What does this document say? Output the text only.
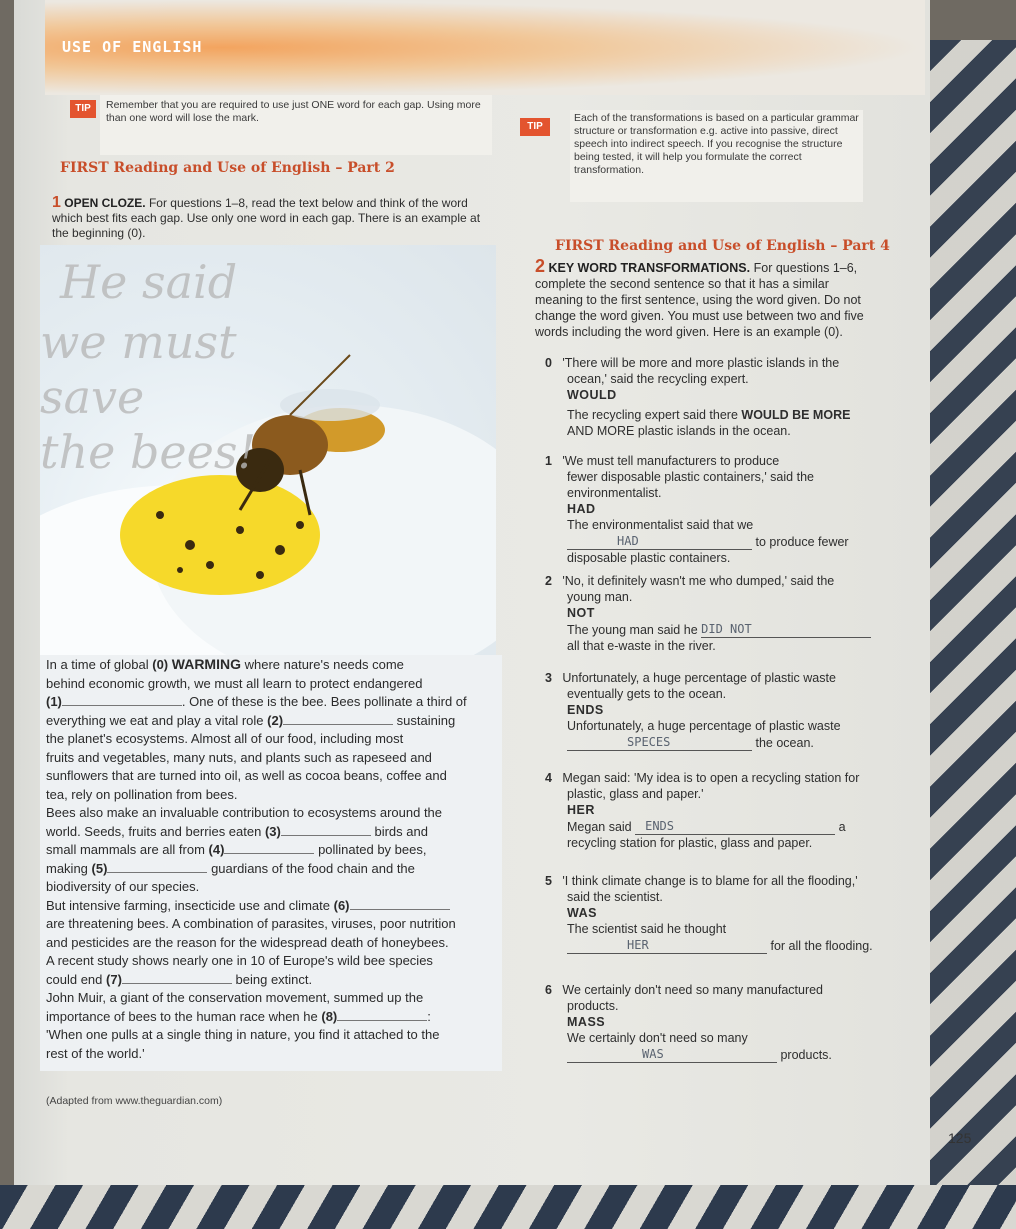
USE OF ENGLISH
TIP	Remember that you are required to use just ONE word for each gap. Using more than one word will lose the mark.
TIP
Each of the transformations is based on a particular grammar structure or transformation e.g. active into passive, direct speech into indirect speech. If you recognise the structure being tested, it will help you formulate the correct transformation.
FIRST Reading and Use of English – Part 2
1 OPEN CLOZE. For questions 1–8, read the text below and think of the word which best fits each gap. Use only one word in each gap. There is an example at the beginning (0).
He said
we must
save
the bees!
In a time of global (0) WARMING where nature's needs come
behind economic growth, we must all learn to protect endangered
(1)	. One of these is the bee. Bees pollinate a third of
everything we eat and play a vital role (2)	sustaining
the planet's ecosystems. Almost all of our food, including most
fruits and vegetables, many nuts, and plants such as rapeseed and
sunflowers that are turned into oil, as well as cocoa beans, coffee and
tea, rely on pollination from bees.
Bees also make an invaluable contribution to ecosystems around the
world. Seeds, fruits and berries eaten (3)	birds and
small mammals are all from (4)	pollinated by bees,
making (5)	guardians of the food chain and the
biodiversity of our species.
But intensive farming, insecticide use and climate (6)
are threatening bees. A combination of parasites, viruses, poor nutrition
and pesticides are the reason for the widespread death of honeybees.
A recent study shows nearly one in 10 of Europe's wild bee species
could end (7)	being extinct.
John Muir, a giant of the conservation movement, summed up the
importance of bees to the human race when he (8)	:
'When one pulls at a single thing in nature, you find it attached to the
rest of the world.'
(Adapted from www.theguardian.com)
FIRST Reading and Use of English – Part 4
2 KEY WORD TRANSFORMATIONS. For questions 1–6, complete the second sentence so that it has a similar meaning to the first sentence, using the word given. Do not change the word given. You must use between two and five words including the word given. Here is an example (0).
0 'There will be more and more plastic islands in the
ocean,' said the recycling expert.
WOULD
The recycling expert said there WOULD BE MORE
AND MORE plastic islands in the ocean.
1 'We must tell manufacturers to produce
fewer disposable plastic containers,' said the
environmentalist.
HAD
The environmentalist said that we
HAD	to produce fewer
disposable plastic containers.
2 'No, it definitely wasn't me who dumped,' said the
young man.
NOT
The young man said he DID NOT
all that e-waste in the river.
3 Unfortunately, a huge percentage of plastic waste
eventually gets to the ocean.
ENDS
Unfortunately, a huge percentage of plastic waste
SPECES	the ocean.
4 Megan said: 'My idea is to open a recycling station for
plastic, glass and paper.'
HER
Megan said ENDS	a
recycling station for plastic, glass and paper.
5 'I think climate change is to blame for all the flooding,'
said the scientist.
WAS
The scientist said he thought
HER	for all the flooding.
6 We certainly don't need so many manufactured
products.
MASS
We certainly don't need so many
WAS	products.
125
